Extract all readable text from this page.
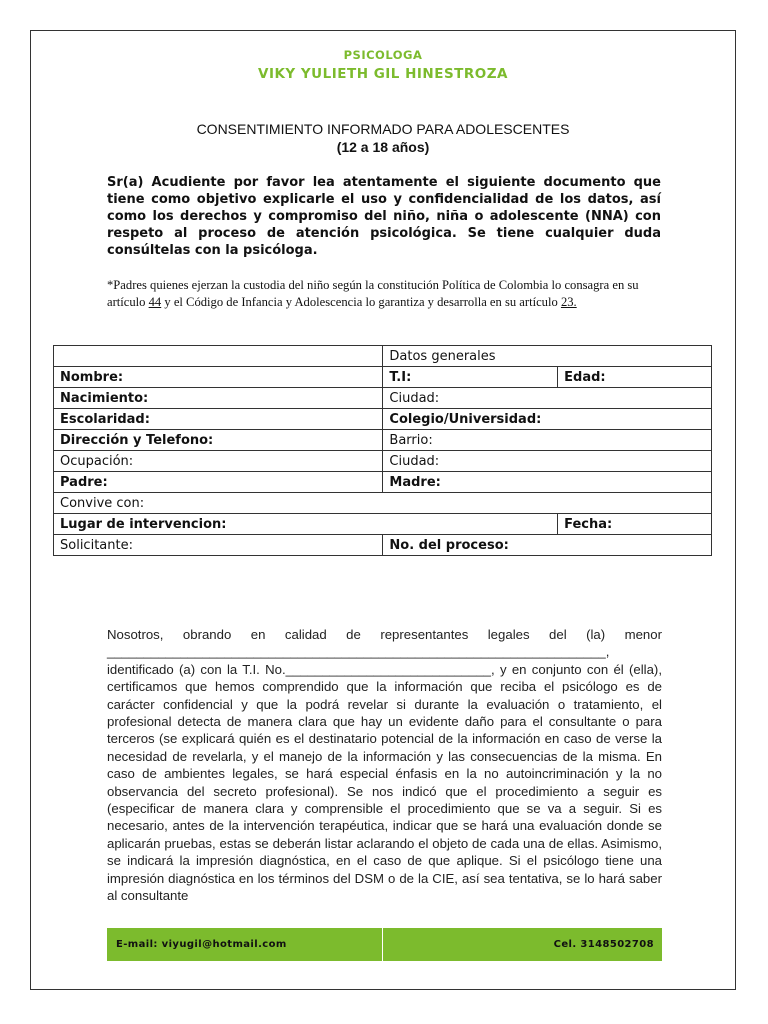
PSICOLOGA
VIKY YULIETH GIL HINESTROZA
CONSENTIMIENTO INFORMADO PARA ADOLESCENTES
(12 a 18 años)
Sr(a) Acudiente por favor lea atentamente el siguiente documento que tiene como objetivo explicarle el uso y confidencialidad de los datos, así como los derechos y compromiso del niño, niña o adolescente (NNA) con respeto al proceso de atención psicológica. Se tiene cualquier duda consúltelas con la psicóloga.
*Padres quienes ejerzan la custodia del niño según la constitución Política de Colombia lo consagra en su artículo 44 y el Código de Infancia y Adolescencia lo garantiza y desarrolla en su artículo 23.
	Datos generales	
Nombre:	T.I:	Edad:
Nacimiento:	Ciudad:	
Escolaridad:	Colegio/Universidad:	
Dirección y Telefono:	Barrio:	
Ocupación:	Ciudad:	
Padre:	Madre:	
Convive con:		
Lugar de intervencion:		Fecha:
Solicitante:	No. del proceso:	
Nosotros, obrando en calidad de representantes legales del (la) menor ____________________________________________________________________,
identificado (a) con la T.I. No.____________________________, y en conjunto con él (ella), certificamos que hemos comprendido que la información que reciba el psicólogo es de carácter confidencial y que la podrá revelar si durante la evaluación o tratamiento, el profesional detecta de manera clara que hay un evidente daño para el consultante o para terceros (se explicará quién es el destinatario potencial de la información en caso de verse la necesidad de revelarla, y el manejo de la información y las consecuencias de la misma. En caso de ambientes legales, se hará especial énfasis en la no autoincriminación y la no observancia del secreto profesional). Se nos indicó que el procedimiento a seguir es (especificar de manera clara y comprensible el procedimiento que se va a seguir. Si es necesario, antes de la intervención terapéutica, indicar que se hará una evaluación donde se aplicarán pruebas, estas se deberán listar aclarando el objeto de cada una de ellas. Asimismo, se indicará la impresión diagnóstica, en el caso de que aplique. Si el psicólogo tiene una impresión diagnóstica en los términos del DSM o de la CIE, así sea tentativa, se lo hará saber al consultante
E-mail: viyugil@hotmail.com	Cel. 3148502708
